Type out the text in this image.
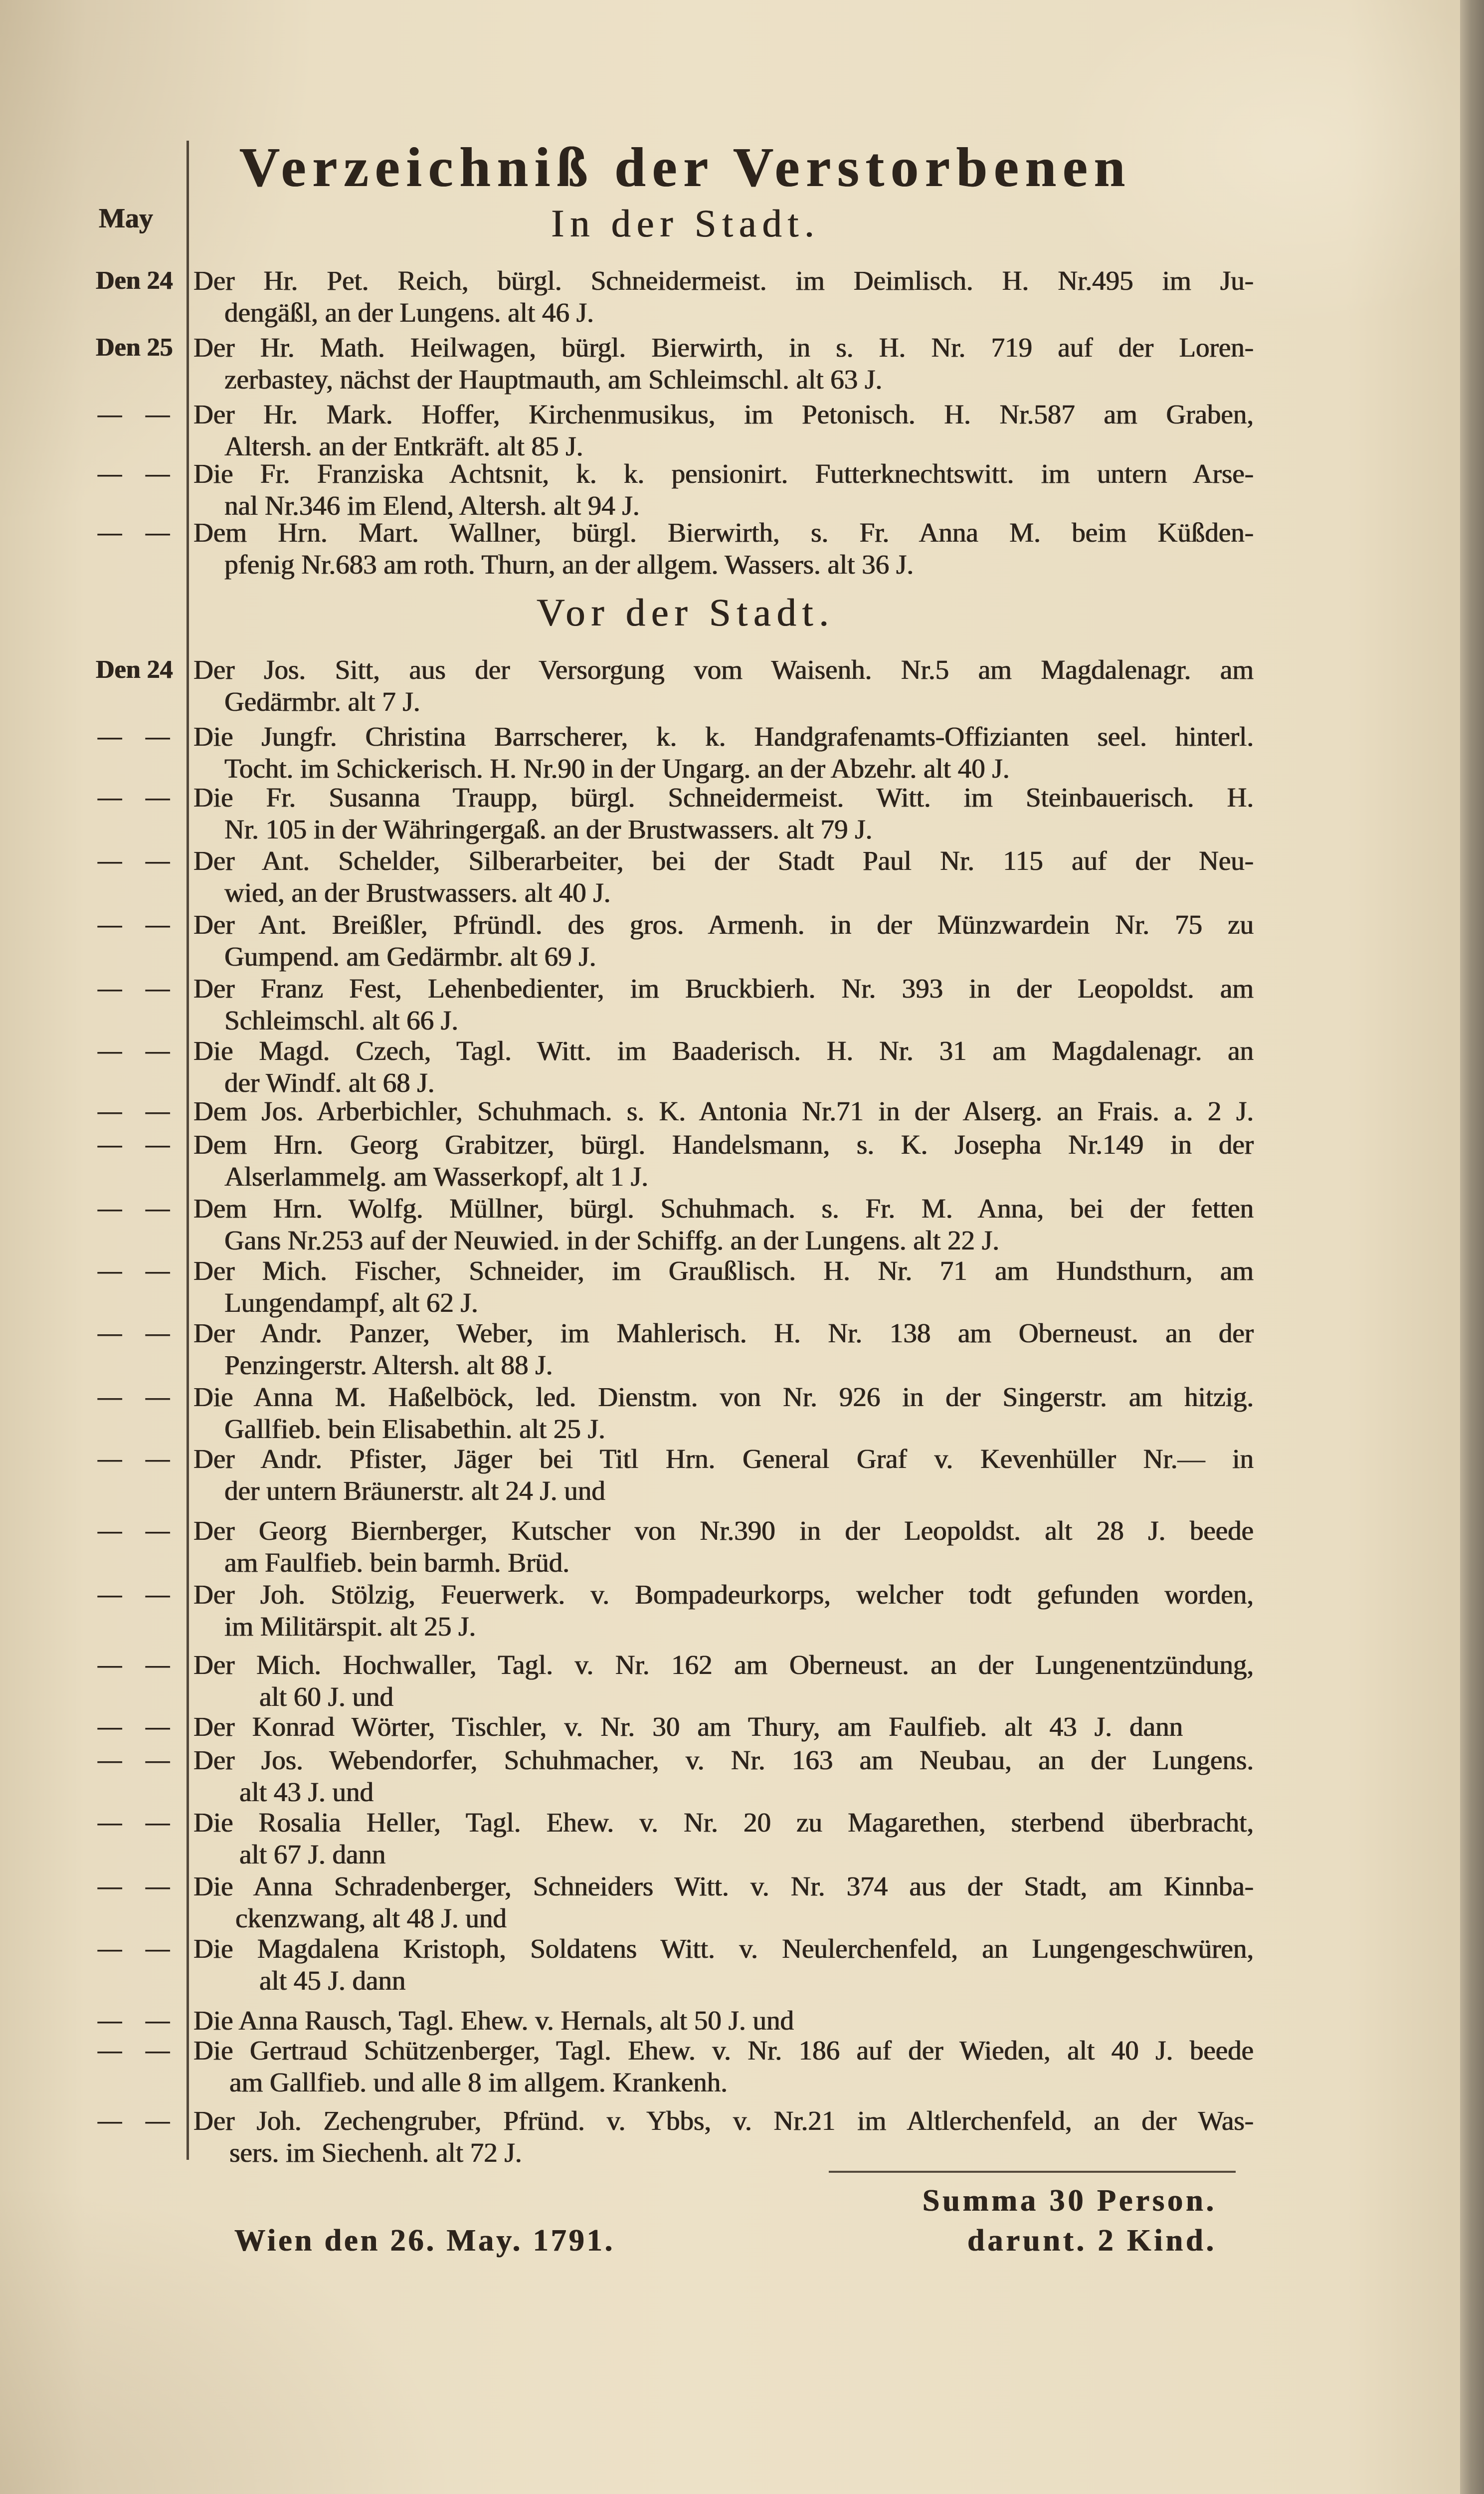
Verzeichniß der Verstorbenen
May	In der Stadt.
Den 24 Der Hr. Pet. Reich, bürgl. Schneidermeist. im Deimlisch. H. Nr.495 im Ju-
dengäßl, an der Lungens. alt 46 J.
Den 25 Der Hr. Math. Heilwagen, bürgl. Bierwirth, in s. H. Nr. 719 auf der Loren-
zerbastey, nächst der Hauptmauth, am Schleimschl. alt 63 J.
— — Der Hr. Mark. Hoffer, Kirchenmusikus, im Petonisch. H. Nr.587 am Graben,
Altersh. an der Entkräft. alt 85 J.
— — Die Fr. Franziska Achtsnit, k. k. pensionirt. Futterknechtswitt. im untern Arse-
nal Nr.346 im Elend, Altersh. alt 94 J.
— — Dem Hrn. Mart. Wallner, bürgl. Bierwirth, s. Fr. Anna M. beim Küßden-
pfenig Nr.683 am roth. Thurn, an der allgem. Wassers. alt 36 J.
Vor der Stadt.
Den 24 Der Jos. Sitt, aus der Versorgung vom Waisenh. Nr.5 am Magdalenagr. am
Gedärmbr. alt 7 J.
— — Die Jungfr. Christina Barrscherer, k. k. Handgrafenamts-Offizianten seel. hinterl.
Tocht. im Schickerisch. H. Nr.90 in der Ungarg. an der Abzehr. alt 40 J.
— — Die Fr. Susanna Traupp, bürgl. Schneidermeist. Witt. im Steinbauerisch. H.
Nr. 105 in der Währingergaß. an der Brustwassers. alt 79 J.
— — Der Ant. Schelder, Silberarbeiter, bei der Stadt Paul Nr. 115 auf der Neu-
wied, an der Brustwassers. alt 40 J.
— — Der Ant. Breißler, Pfründl. des gros. Armenh. in der Münzwardein Nr. 75 zu
Gumpend. am Gedärmbr. alt 69 J.
— — Der Franz Fest, Lehenbedienter, im Bruckbierh. Nr. 393 in der Leopoldst. am
Schleimschl. alt 66 J.
— — Die Magd. Czech, Tagl. Witt. im Baaderisch. H. Nr. 31 am Magdalenagr. an
der Windf. alt 68 J.
— — Dem Jos. Arberbichler, Schuhmach. s. K. Antonia Nr.71 in der Alserg. an Frais. a. 2 J.
— — Dem Hrn. Georg Grabitzer, bürgl. Handelsmann, s. K. Josepha Nr.149 in der
Alserlammelg. am Wasserkopf, alt 1 J.
— — Dem Hrn. Wolfg. Müllner, bürgl. Schuhmach. s. Fr. M. Anna, bei der fetten
Gans Nr.253 auf der Neuwied. in der Schiffg. an der Lungens. alt 22 J.
— — Der Mich. Fischer, Schneider, im Graußlisch. H. Nr. 71 am Hundsthurn, am
Lungendampf, alt 62 J.
— — Der Andr. Panzer, Weber, im Mahlerisch. H. Nr. 138 am Oberneust. an der
Penzingerstr. Altersh. alt 88 J.
— — Die Anna M. Haßelböck, led. Dienstm. von Nr. 926 in der Singerstr. am hitzig.
Gallfieb. bein Elisabethin. alt 25 J.
— — Der Andr. Pfister, Jäger bei Titl Hrn. General Graf v. Kevenhüller Nr.— in
der untern Bräunerstr. alt 24 J. und
— — Der Georg Biernberger, Kutscher von Nr.390 in der Leopoldst. alt 28 J. beede
am Faulfieb. bein barmh. Brüd.
— — Der Joh. Stölzig, Feuerwerk. v. Bompadeurkorps, welcher todt gefunden worden,
im Militärspit. alt 25 J.
— — Der Mich. Hochwaller, Tagl. v. Nr. 162 am Oberneust. an der Lungenentzündung,
alt 60 J. und
— — Der Konrad Wörter, Tischler, v. Nr. 30 am Thury, am Faulfieb. alt 43 J. dann
— — Der Jos. Webendorfer, Schuhmacher, v. Nr. 163 am Neubau, an der Lungens.
alt 43 J. und
— — Die Rosalia Heller, Tagl. Ehew. v. Nr. 20 zu Magarethen, sterbend überbracht,
alt 67 J. dann
— — Die Anna Schradenberger, Schneiders Witt. v. Nr. 374 aus der Stadt, am Kinnba-
ckenzwang, alt 48 J. und
— — Die Magdalena Kristoph, Soldatens Witt. v. Neulerchenfeld, an Lungengeschwüren,
alt 45 J. dann
— — Die Anna Rausch, Tagl. Ehew. v. Hernals, alt 50 J. und
— — Die Gertraud Schützenberger, Tagl. Ehew. v. Nr. 186 auf der Wieden, alt 40 J. beede
am Gallfieb. und alle 8 im allgem. Krankenh.
— — Der Joh. Zechengruber, Pfründ. v. Ybbs, v. Nr.21 im Altlerchenfeld, an der Was-
sers. im Siechenh. alt 72 J.
Summa 30 Person.
darunt. 2 Kind.
Wien den 26. May. 1791.
